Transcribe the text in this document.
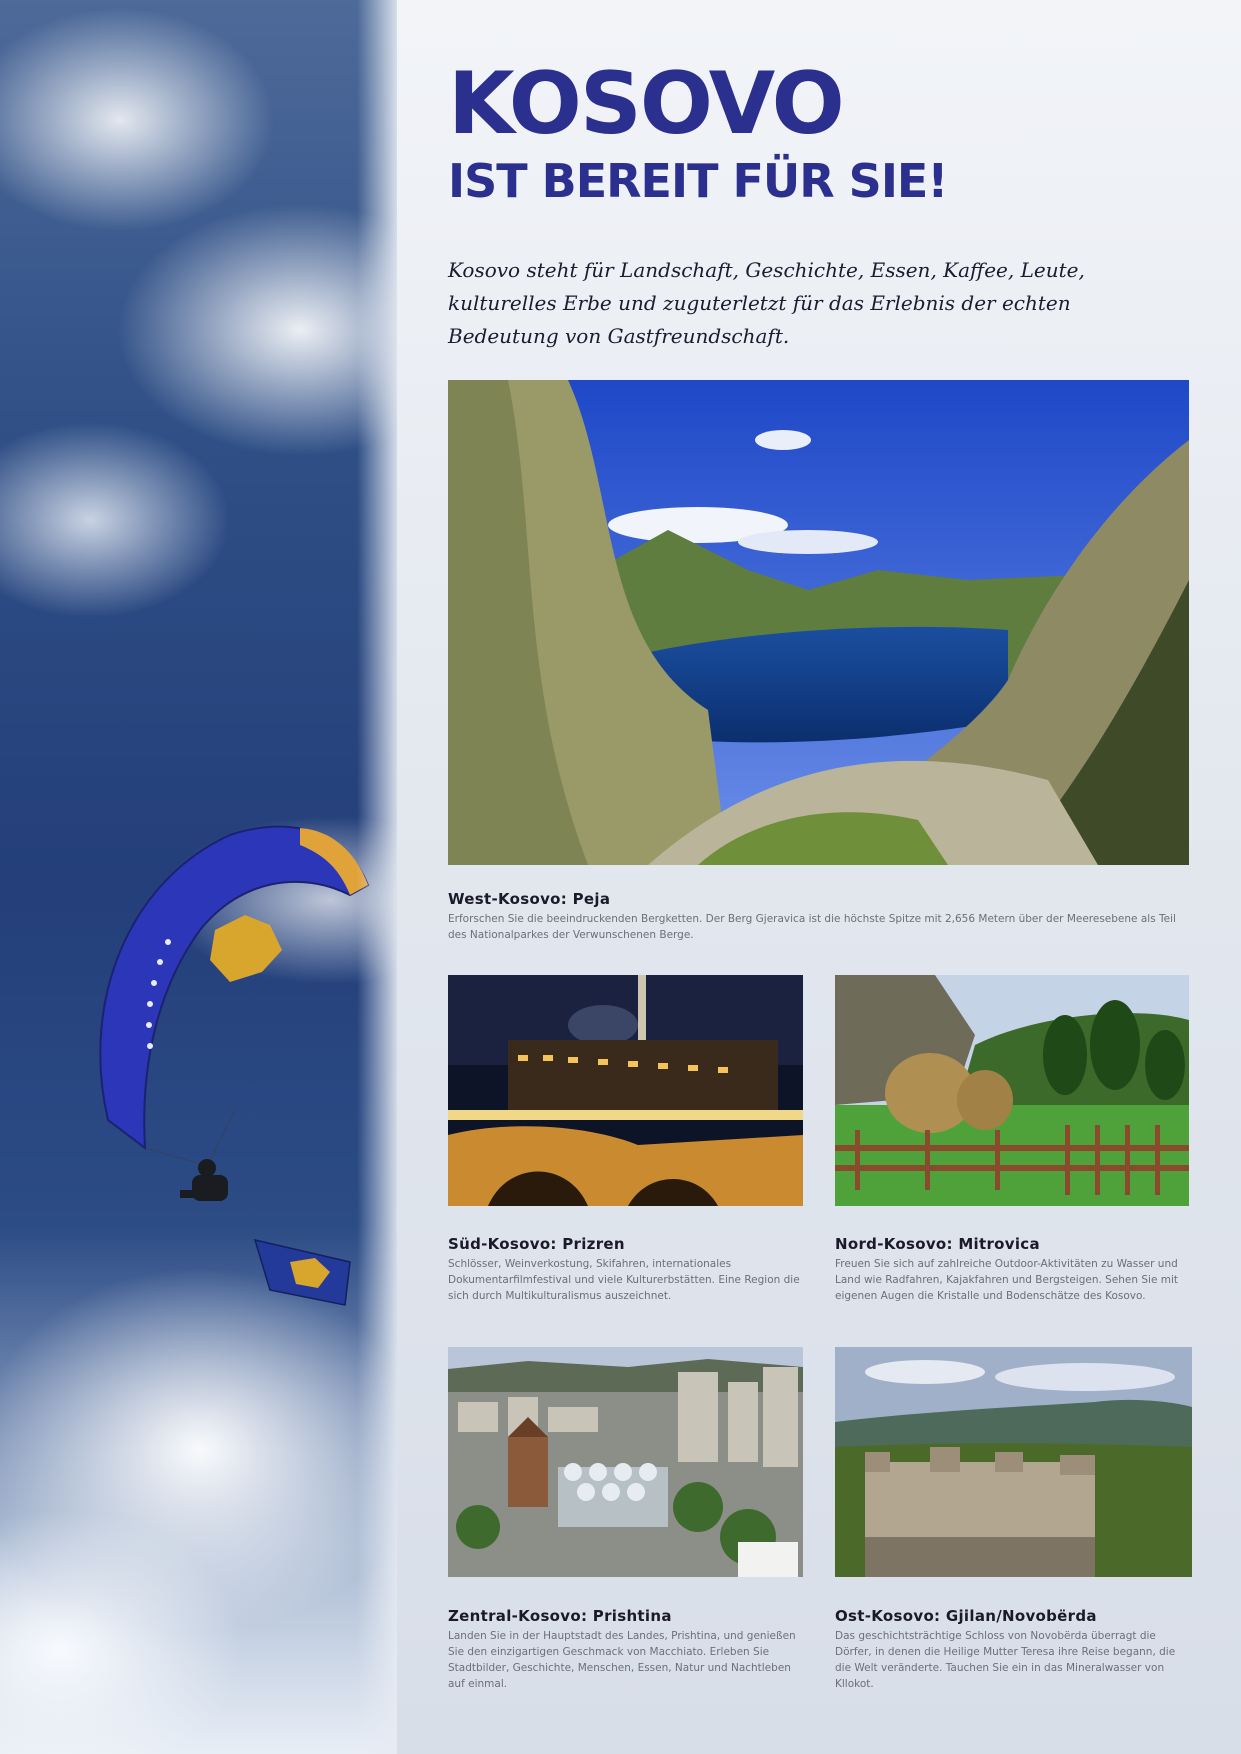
KOSOVO
IST BEREIT FÜR SIE!

Kosovo steht für Landschaft, Geschichte, Essen, Kaffee, Leute, kulturelles Erbe und zuguterletzt für das Erlebnis der echten Bedeutung von Gastfreundschaft.

West-Kosovo: Peja

Erforschen Sie die beeindruckenden Bergketten. Der Berg Gjeravica ist die höchste Spitze mit 2,656 Metern über der Meeresebene als Teil des Nationalparkes der Verwunschenen Berge.

Süd-Kosovo: Prizren

Schlösser, Weinverkostung, Skifahren, internationales Dokumentarfilmfestival und viele Kulturerbstätten. Eine Region die sich durch Multikulturalismus auszeichnet.

Nord-Kosovo: Mitrovica

Freuen Sie sich auf zahlreiche Outdoor-Aktivitäten zu Wasser und Land wie Radfahren, Kajakfahren und Bergsteigen. Sehen Sie mit eigenen Augen die Kristalle und Bodenschätze des Kosovo.

Zentral-Kosovo: Prishtina

Landen Sie in der Hauptstadt des Landes, Prishtina, und genießen Sie den einzigartigen Geschmack von Macchiato. Erleben Sie Stadtbilder, Geschichte, Menschen, Essen, Natur und Nachtleben auf einmal.

Ost-Kosovo: Gjilan/Novobërda

Das geschichtsträchtige Schloss von Novobërda überragt die Dörfer, in denen die Heilige Mutter Teresa ihre Reise begann, die die Welt veränderte. Tauchen Sie ein in das Mineralwasser von Kllokot.
